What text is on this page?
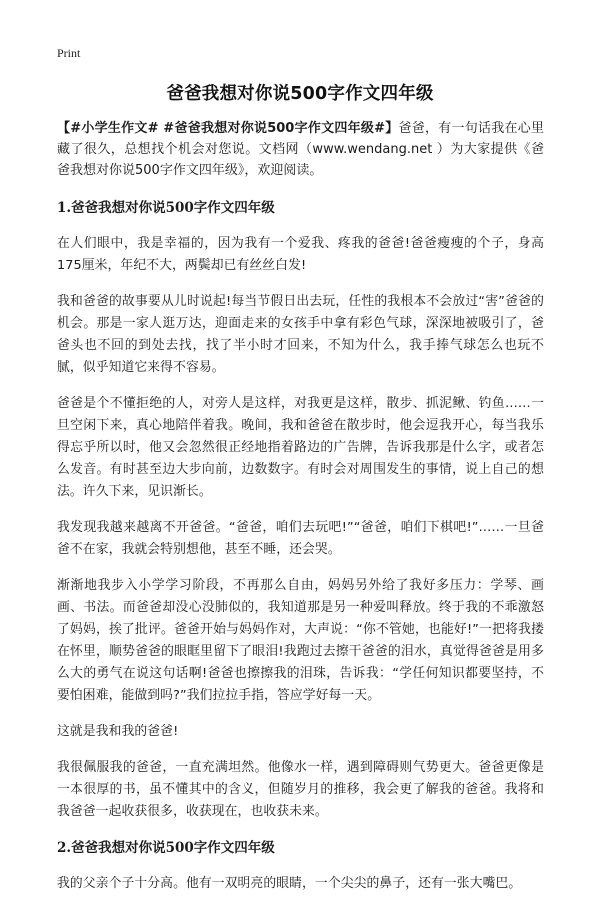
Print
爸爸我想对你说500字作文四年级

【#小学生作文# #爸爸我想对你说500字作文四年级#】爸爸，有一句话我在心里藏了很久，总想找个机会对您说。文档网（www.wendang.net ）为大家提供《爸爸我想对你说500字作文四年级》，欢迎阅读。

1.爸爸我想对你说500字作文四年级

在人们眼中，我是幸福的，因为我有一个爱我、疼我的爸爸!爸爸瘦瘦的个子，身高175厘米，年纪不大，两鬓却已有丝丝白发!

我和爸爸的故事要从儿时说起!每当节假日出去玩，任性的我根本不会放过“害”爸爸的机会。那是一家人逛万达，迎面走来的女孩手中拿有彩色气球，深深地被吸引了，爸爸头也不回的到处去找，找了半小时才回来，不知为什么，我手捧气球怎么也玩不腻，似乎知道它来得不容易。

爸爸是个不懂拒绝的人，对旁人是这样，对我更是这样，散步、抓泥鳅、钓鱼……一旦空闲下来，真心地陪伴着我。晚间，我和爸爸在散步时，他会逗我开心，每当我乐得忘乎所以时，他又会忽然很正经地指着路边的广告牌，告诉我那是什么字，或者怎么发音。有时甚至边大步向前，边数数字。有时会对周围发生的事情，说上自己的想法。许久下来，见识渐长。

我发现我越来越离不开爸爸。“爸爸，咱们去玩吧!”“爸爸，咱们下棋吧!”……一旦爸爸不在家，我就会特别想他，甚至不睡，还会哭。

渐渐地我步入小学学习阶段，不再那么自由，妈妈另外给了我好多压力：学琴、画画、书法。而爸爸却没心没肺似的，我知道那是另一种爱叫释放。终于我的不乖激怒了妈妈，挨了批评。爸爸开始与妈妈作对，大声说：“你不管她，也能好!”一把将我搂在怀里，顺势爸爸的眼眶里留下了眼泪!我跑过去擦干爸爸的泪水，真觉得爸爸是用多么大的勇气在说这句话啊!爸爸也擦擦我的泪珠，告诉我：“学任何知识都要坚持，不要怕困难，能做到吗?”我们拉拉手指，答应学好每一天。

这就是我和我的爸爸!

我很佩服我的爸爸，一直充满坦然。他像水一样，遇到障碍则气势更大。爸爸更像是一本很厚的书，虽不懂其中的含义，但随岁月的推移，我会更了解我的爸爸。我将和我爸爸一起收获很多，收获现在，也收获未来。

2.爸爸我想对你说500字作文四年级

我的父亲个子十分高。他有一双明亮的眼睛，一个尖尖的鼻子，还有一张大嘴巴。
